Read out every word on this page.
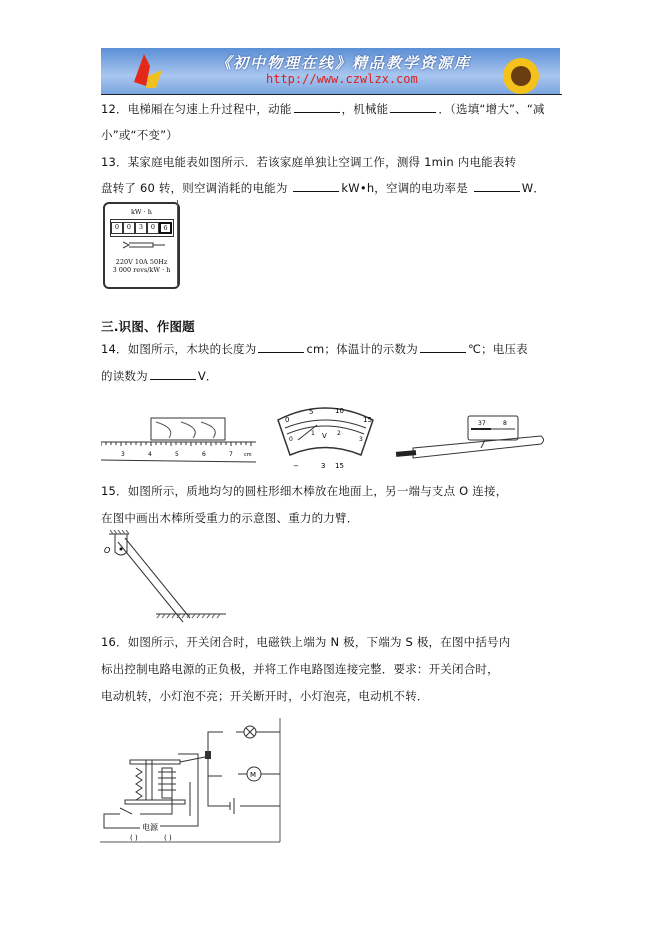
《初中物理在线》精品教学资源库
http://www.czwlzx.com
12．电梯厢在匀速上升过程中，动能	，机械能	．（选填“增大”、“减
小”或“不变”）
13．某家庭电能表如图所示．若该家庭单独让空调工作，测得 1min 内电能表转
盘转了 60 转，则空调消耗的电能为	kW•h，空调的电功率是	W．
kW · h
0	0	3	0	6
220V 10A 50Hz
3 000 revs/kW · h
三.识图、作图题
14．如图所示，木块的长度为	cm；体温计的示数为	℃；电压表
的读数为	V．
3	4	5	6	7 cm
0
5	10
15
0
1	2
3
V
−	3 15
37	8
15．如图所示，质地均匀的圆柱形细木棒放在地面上，另一端与支点 O 连接，
在图中画出木棒所受重力的示意图、重力的力臂．
O
16．如图所示，开关闭合时，电磁铁上端为 N 极，下端为 S 极，在图中括号内
标出控制电路电源的正负极，并将工作电路图连接完整．要求：开关闭合时，
电动机转，小灯泡不亮；开关断开时，小灯泡亮，电动机不转．
M
电源
( )	( )
